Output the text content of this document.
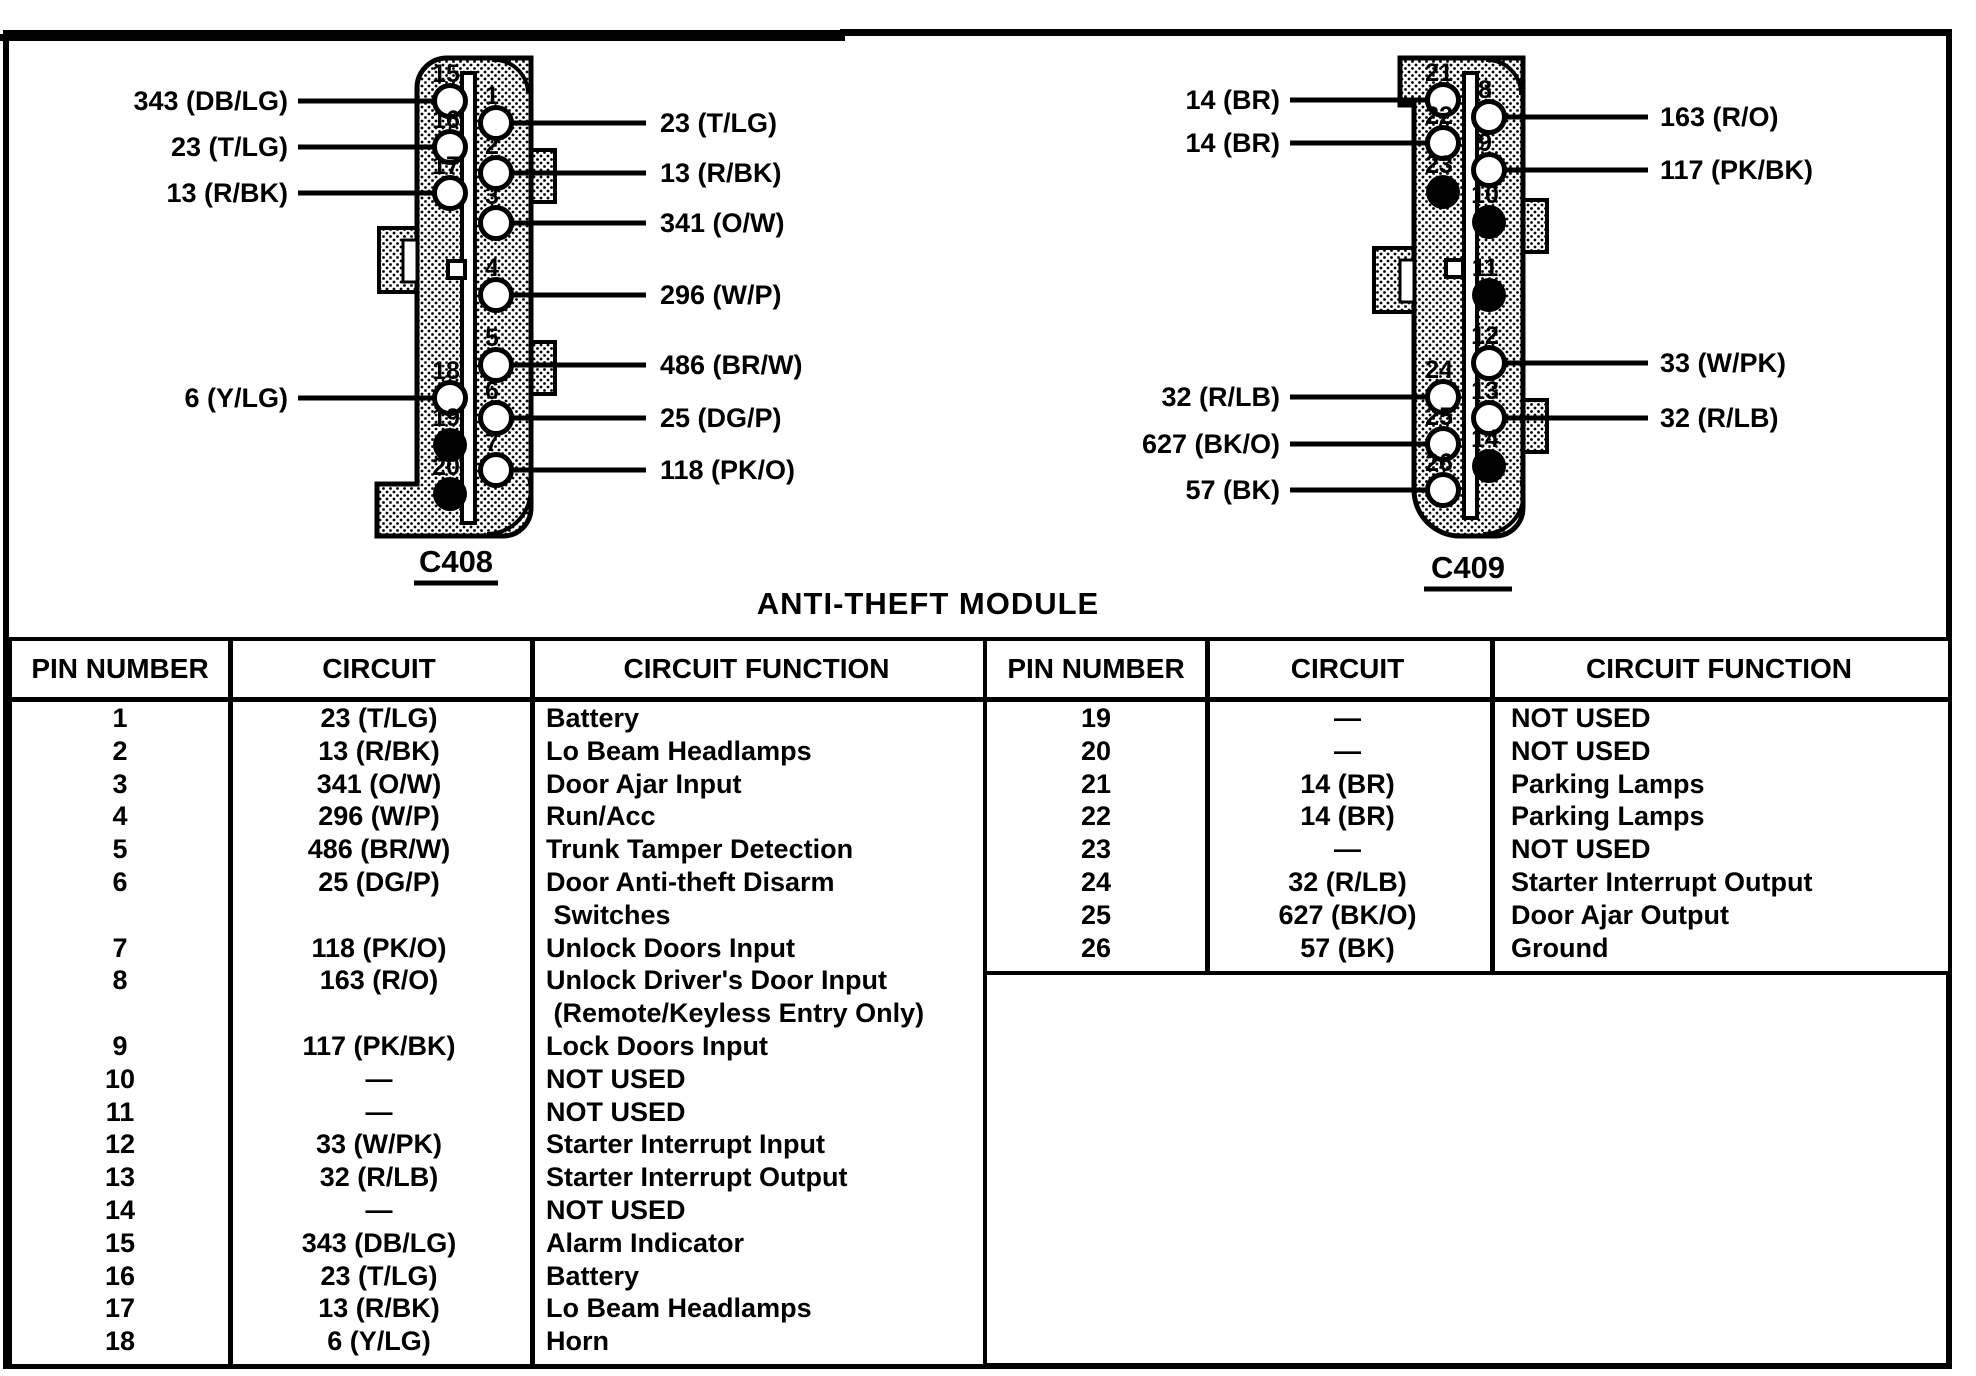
343 (DB/LG)
23 (T/LG)
13 (R/BK)
6 (Y/LG)
23 (T/LG)
13 (R/BK)
341 (O/W)
296 (W/P)
486 (BR/W)
25 (DG/P)
118 (PK/O)
15
16
17
18
19
20
1
2
3
4
5
6
7
C408
14 (BR)
14 (BR)
32 (R/LB)
627 (BK/O)
57 (BK)
163 (R/O)
117 (PK/BK)
33 (W/PK)
32 (R/LB)
21
22
23
24
25
26
8
9
10
11
12
13
14
C409
ANTI-THEFT MODULE
PIN NUMBER	CIRCUIT	CIRCUIT FUNCTION
1	23 (T/LG)	Battery
2	13 (R/BK)	Lo Beam Headlamps
3	341 (O/W)	Door Ajar Input
4	296 (W/P)	Run/Acc
5	486 (BR/W)	Trunk Tamper Detection
6	25 (DG/P)	Door Anti-theft Disarm
Switches
7	118 (PK/O)	Unlock Doors Input
8	163 (R/O)	Unlock Driver's Door Input
(Remote/Keyless Entry Only)
9	117 (PK/BK)	Lock Doors Input
10	—	NOT USED
11	—	NOT USED
12	33 (W/PK)	Starter Interrupt Input
13	32 (R/LB)	Starter Interrupt Output
14	—	NOT USED
15	343 (DB/LG)	Alarm Indicator
16	23 (T/LG)	Battery
17	13 (R/BK)	Lo Beam Headlamps
18	6 (Y/LG)	Horn
PIN NUMBER	CIRCUIT	CIRCUIT FUNCTION
19	—	NOT USED
20	—	NOT USED
21	14 (BR)	Parking Lamps
22	14 (BR)	Parking Lamps
23	—	NOT USED
24	32 (R/LB)	Starter Interrupt Output
25	627 (BK/O)	Door Ajar Output
26	57 (BK)	Ground
